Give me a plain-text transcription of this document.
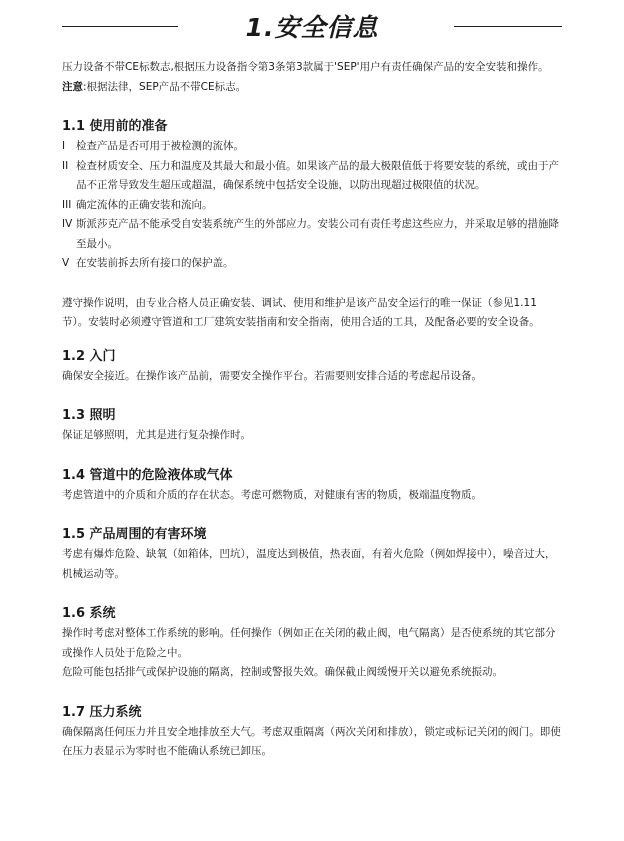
1.安全信息

压力设备不带CE标数志,根据压力设备指令第3条第3款属于'SEP'用户有责任确保产品的安全安装和操作。

注意:根据法律，SEP产品不带CE标志。

1.1 使用前的准备
I 检查产品是否可用于被检测的流体。
II 检查材质安全、压力和温度及其最大和最小值。如果该产品的最大极限值低于将要安装的系统，或由于产品不正常导致发生超压或超温，确保系统中包括安全设施，以防出现超过极限值的状况。
III 确定流体的正确安装和流向。
IV 斯派莎克产品不能承受自安装系统产生的外部应力。安装公司有责任考虑这些应力，并采取足够的措施降至最小。
V 在安装前拆去所有接口的保护盖。

遵守操作说明，由专业合格人员正确安装、调试、使用和维护是该产品安全运行的唯一保证（参见1.11节）。安装时必须遵守管道和工厂建筑安装指南和安全指南，使用合适的工具，及配备必要的安全设备。

1.2 入门

确保安全接近。在操作该产品前，需要安全操作平台。若需要则安排合适的考虑起吊设备。

1.3 照明

保证足够照明，尤其是进行复杂操作时。

1.4 管道中的危险液体或气体

考虑管道中的介质和介质的存在状态。考虑可燃物质，对健康有害的物质，极端温度物质。

1.5 产品周围的有害环境

考虑有爆炸危险、缺氧（如箱体，凹坑），温度达到极值，热表面，有着火危险（例如焊接中），噪音过大，机械运动等。

1.6 系统

操作时考虑对整体工作系统的影响。任何操作（例如正在关闭的截止阀，电气隔离）是否使系统的其它部分或操作人员处于危险之中。

危险可能包括排气或保护设施的隔离，控制或警报失效。确保截止阀缓慢开关以避免系统振动。

1.7 压力系统

确保隔离任何压力并且安全地排放至大气。考虑双重隔离（两次关闭和排放），锁定或标记关闭的阀门。即使在压力表显示为零时也不能确认系统已卸压。
